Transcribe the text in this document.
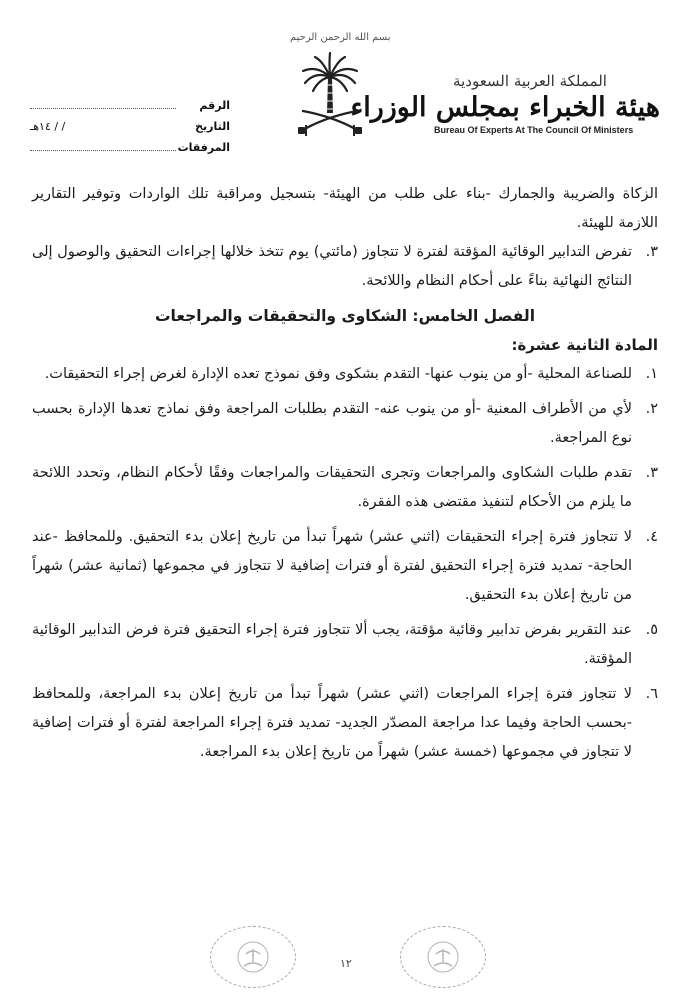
المملكة العربية السعودية
هيئة الخبراء بمجلس الوزراء
Bureau Of Experts At The Council Of Ministers
بسم الله الرحمن الرحيم
الرقم
التاريخ
/ / ١٤هـ
المرفقات

الزكاة والضريبة والجمارك -بناء على طلب من الهيئة- بتسجيل ومراقبة تلك الواردات وتوفير التقارير اللازمة للهيئة.

٣.
تفرض التدابير الوقائية المؤقتة لفترة لا تتجاوز (مائتي) يوم تتخذ خلالها إجراءات التحقيق والوصول إلى النتائج النهائية بناءً على أحكام النظام واللائحة.

الفصل الخامس: الشكاوى والتحقيقات والمراجعات

المادة الثانية عشرة:

١.
للصناعة المحلية -أو من ينوب عنها- التقدم بشكوى وفق نموذج تعده الإدارة لغرض إجراء التحقيقات.
٢.
لأي من الأطراف المعنية -أو من ينوب عنه- التقدم بطلبات المراجعة وفق نماذج تعدها الإدارة بحسب نوع المراجعة.
٣.
تقدم طلبات الشكاوى والمراجعات وتجرى التحقيقات والمراجعات وفقًا لأحكام النظام، وتحدد اللائحة ما يلزم من الأحكام لتنفيذ مقتضى هذه الفقرة.
٤.
لا تتجاوز فترة إجراء التحقيقات (اثني عشر) شهراً تبدأ من تاريخ إعلان بدء التحقيق. وللمحافظ -عند الحاجة- تمديد فترة إجراء التحقيق لفترة أو فترات إضافية لا تتجاوز في مجموعها (ثمانية عشر) شهراً من تاريخ إعلان بدء التحقيق.
٥.
عند التقرير بفرض تدابير وقائية مؤقتة، يجب ألا تتجاوز فترة إجراء التحقيق فترة فرض التدابير الوقائية المؤقتة.
٦.
لا تتجاوز فترة إجراء المراجعات (اثني عشر) شهراً تبدأ من تاريخ إعلان بدء المراجعة، وللمحافظ -بحسب الحاجة وفيما عدا مراجعة المصدّر الجديد- تمديد فترة إجراء المراجعة لفترة أو فترات إضافية لا تتجاوز في مجموعها (خمسة عشر) شهراً من تاريخ إعلان بدء المراجعة.
١٢
